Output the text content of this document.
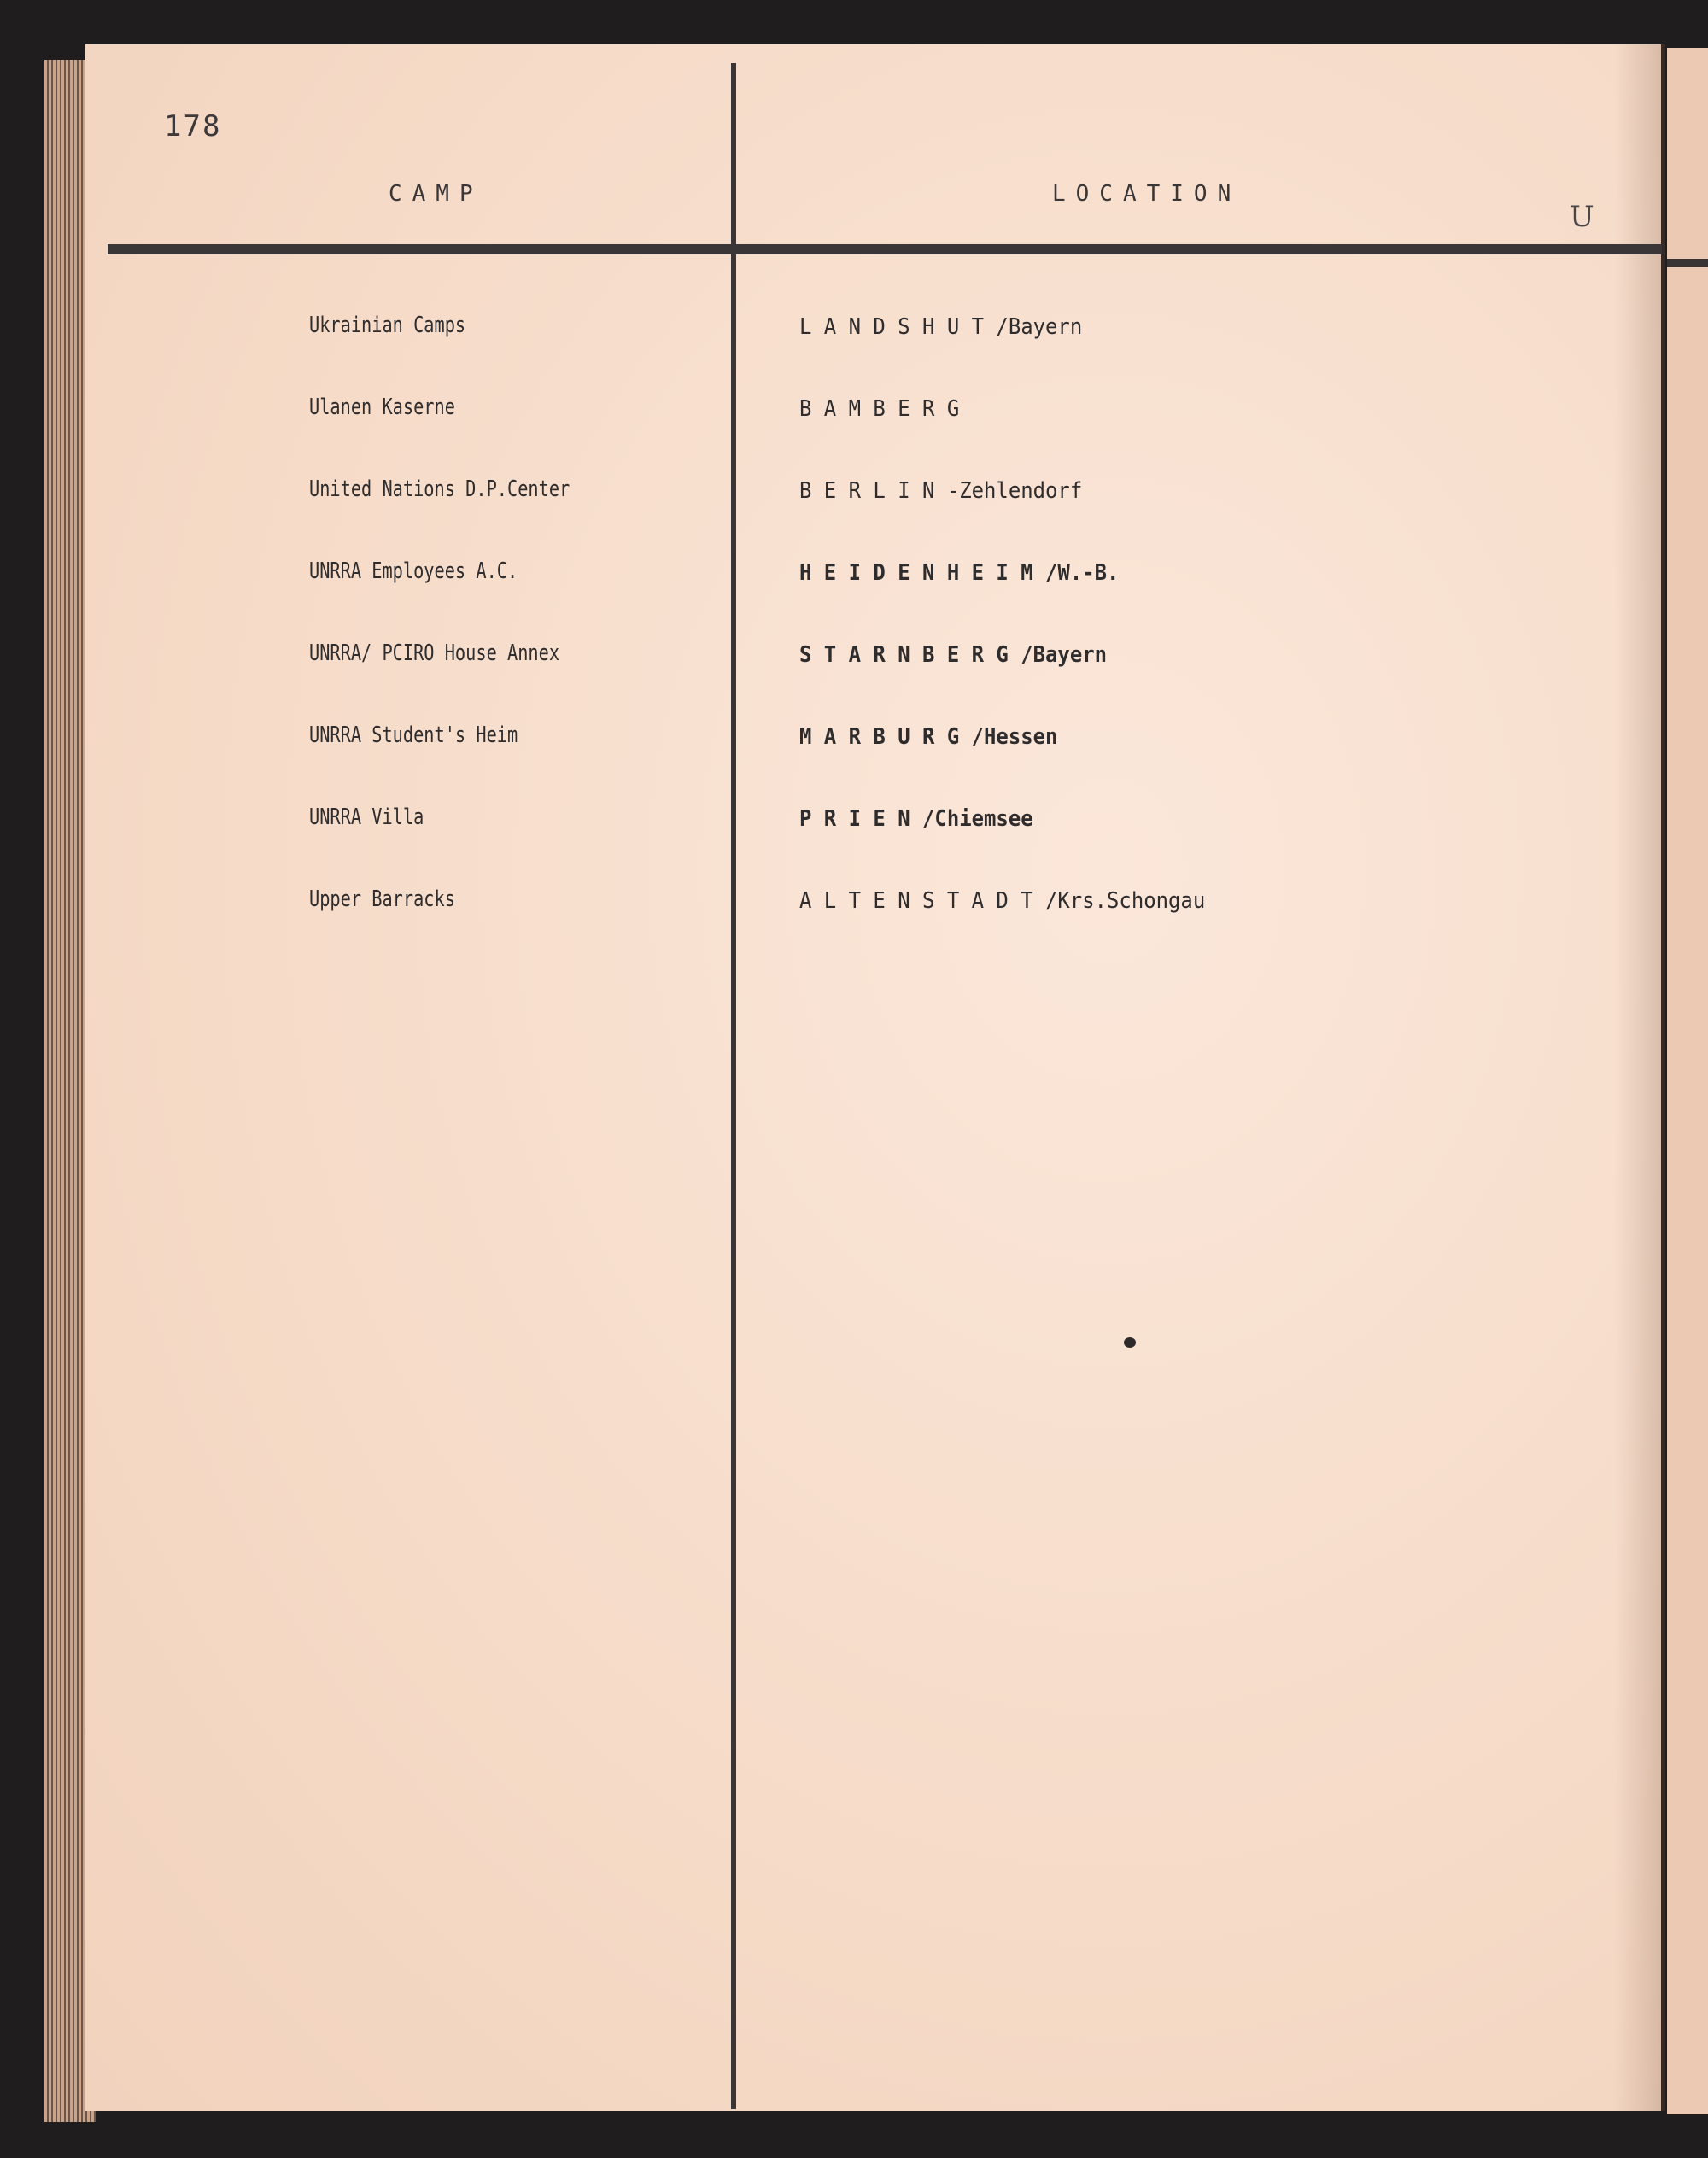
178
CAMP	LOCATION
U
Ukrainian Camps	L A N D S H U T /Bayern
Ulanen Kaserne	B A M B E R G
United Nations D.P.Center	B E R L I N -Zehlendorf
UNRRA Employees A.C.	H E I D E N H E I M /W.-B.
UNRRA/ PCIRO House Annex	S T A R N B E R G /Bayern
UNRRA Student's Heim	M A R B U R G /Hessen
UNRRA Villa	P R I E N /Chiemsee
Upper Barracks	A L T E N S T A D T /Krs.Schongau
